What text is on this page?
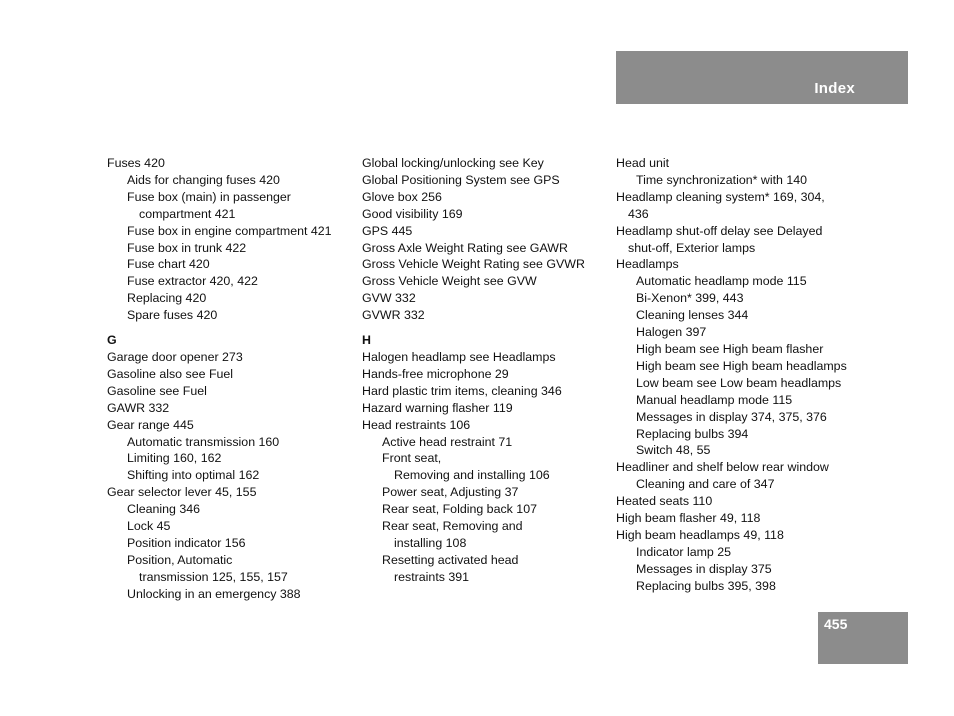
Index
Fuses 420
Aids for changing fuses 420
Fuse box (main) in passenger
compartment 421
Fuse box in engine compartment 421
Fuse box in trunk 422
Fuse chart 420
Fuse extractor 420, 422
Replacing 420
Spare fuses 420
G
Garage door opener 273
Gasoline also see Fuel
Gasoline see Fuel
GAWR 332
Gear range 445
Automatic transmission 160
Limiting 160, 162
Shifting into optimal 162
Gear selector lever 45, 155
Cleaning 346
Lock 45
Position indicator 156
Position, Automatic
transmission 125, 155, 157
Unlocking in an emergency 388
Global locking/unlocking see Key
Global Positioning System see GPS
Glove box 256
Good visibility 169
GPS 445
Gross Axle Weight Rating see GAWR
Gross Vehicle Weight Rating see GVWR
Gross Vehicle Weight see GVW
GVW 332
GVWR 332
H
Halogen headlamp see Headlamps
Hands-free microphone 29
Hard plastic trim items, cleaning 346
Hazard warning flasher 119
Head restraints 106
Active head restraint 71
Front seat,
Removing and installing 106
Power seat, Adjusting 37
Rear seat, Folding back 107
Rear seat, Removing and
installing 108
Resetting activated head
restraints 391
Head unit
Time synchronization* with 140
Headlamp cleaning system* 169, 304,
436
Headlamp shut-off delay see Delayed
shut-off, Exterior lamps
Headlamps
Automatic headlamp mode 115
Bi-Xenon* 399, 443
Cleaning lenses 344
Halogen 397
High beam see High beam flasher
High beam see High beam headlamps
Low beam see Low beam headlamps
Manual headlamp mode 115
Messages in display 374, 375, 376
Replacing bulbs 394
Switch 48, 55
Headliner and shelf below rear window
Cleaning and care of 347
Heated seats 110
High beam flasher 49, 118
High beam headlamps 49, 118
Indicator lamp 25
Messages in display 375
Replacing bulbs 395, 398
455
